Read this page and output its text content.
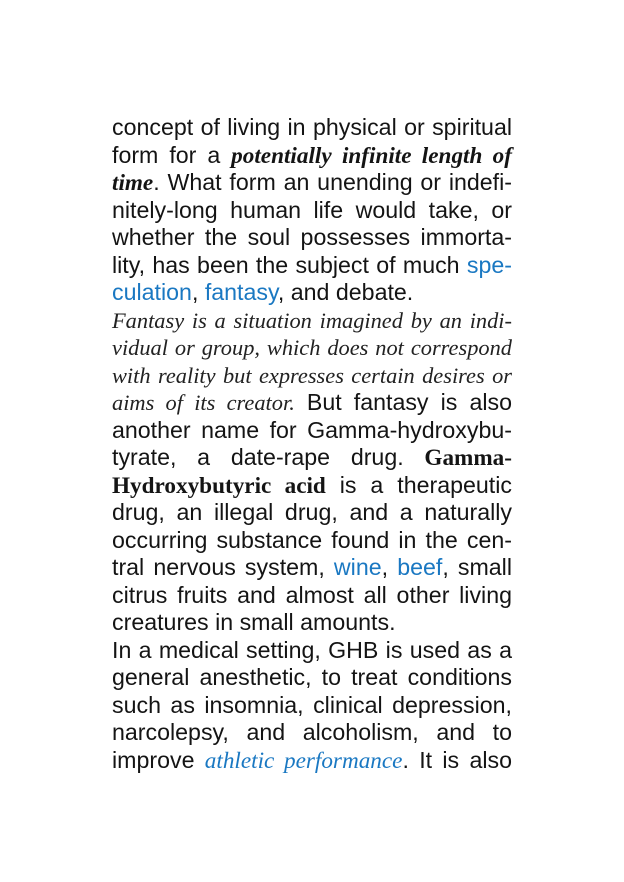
concept of living in physical or spiritual
form for a potentially infinite length of
time. What form an unending or indefi-
nitely-long human life would take, or
whether the soul possesses immorta-
lity, has been the subject of much spe-
culation, fantasy, and debate.
Fantasy is a situation imagined by an indi-
vidual or group, which does not correspond
with reality but expresses certain desires or
aims of its creator. But fantasy is also
another name for Gamma-hydroxybu-
tyrate, a date-rape drug. Gamma-
Hydroxybutyric acid is a therapeutic
drug, an illegal drug, and a naturally
occurring substance found in the cen-
tral nervous system, wine, beef, small
citrus fruits and almost all other living
creatures in small amounts.
In a medical setting, GHB is used as a
general anesthetic, to treat conditions
such as insomnia, clinical depression,
narcolepsy, and alcoholism, and to
improve athletic performance. It is also
